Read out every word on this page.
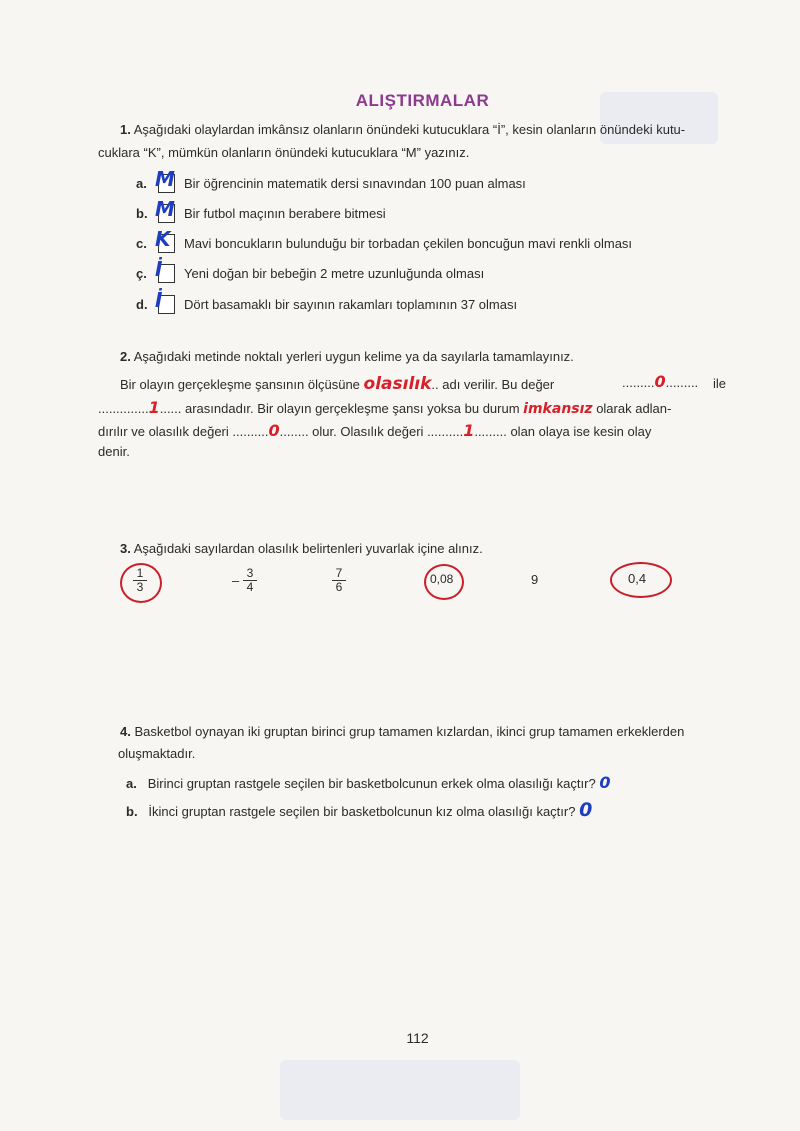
ALIŞTIRMALAR
1. Aşağıdaki olaylardan imkânsız olanların önündeki kutucuklara “İ”, kesin olanların önündeki kutu-
cuklara “K”, mümkün olanların önündeki kutucuklara “M” yazınız.
a. M Bir öğrencinin matematik dersi sınavından 100 puan alması
b. M Bir futbol maçının berabere bitmesi
c. K Mavi boncukların bulunduğu bir torbadan çekilen boncuğun mavi renkli olması
ç. İ Yeni doğan bir bebeğin 2 metre uzunluğunda olması
d. İ Dört basamaklı bir sayının rakamları toplamının 37 olması
2. Aşağıdaki metinde noktalı yerleri uygun kelime ya da sayılarla tamamlayınız.
Bir olayın gerçekleşme şansının ölçüsüne olasılık.. adı verilir. Bu değer	.........0......... ile
..............1...... arasındadır. Bir olayın gerçekleşme şansı yoksa bu durum imkansız olarak adlan-
dırılır ve olasılık değeri ..........0........ olur. Olasılık değeri ..........1......... olan olaya ise kesin olay
denir.
3. Aşağıdaki sayılardan olasılık belirtenleri yuvarlak içine alınız.
$\frac{1}{3}$	– $\frac{3}{4}$	$\frac{7}{6}$	0,08	9	0,4
4. Basketbol oynayan iki gruptan birinci grup tamamen kızlardan, ikinci grup tamamen erkeklerden
oluşmaktadır.
a. Birinci gruptan rastgele seçilen bir basketbolcunun erkek olma olasılığı kaçtır? 0
b. İkinci gruptan rastgele seçilen bir basketbolcunun kız olma olasılığı kaçtır? 0
112
